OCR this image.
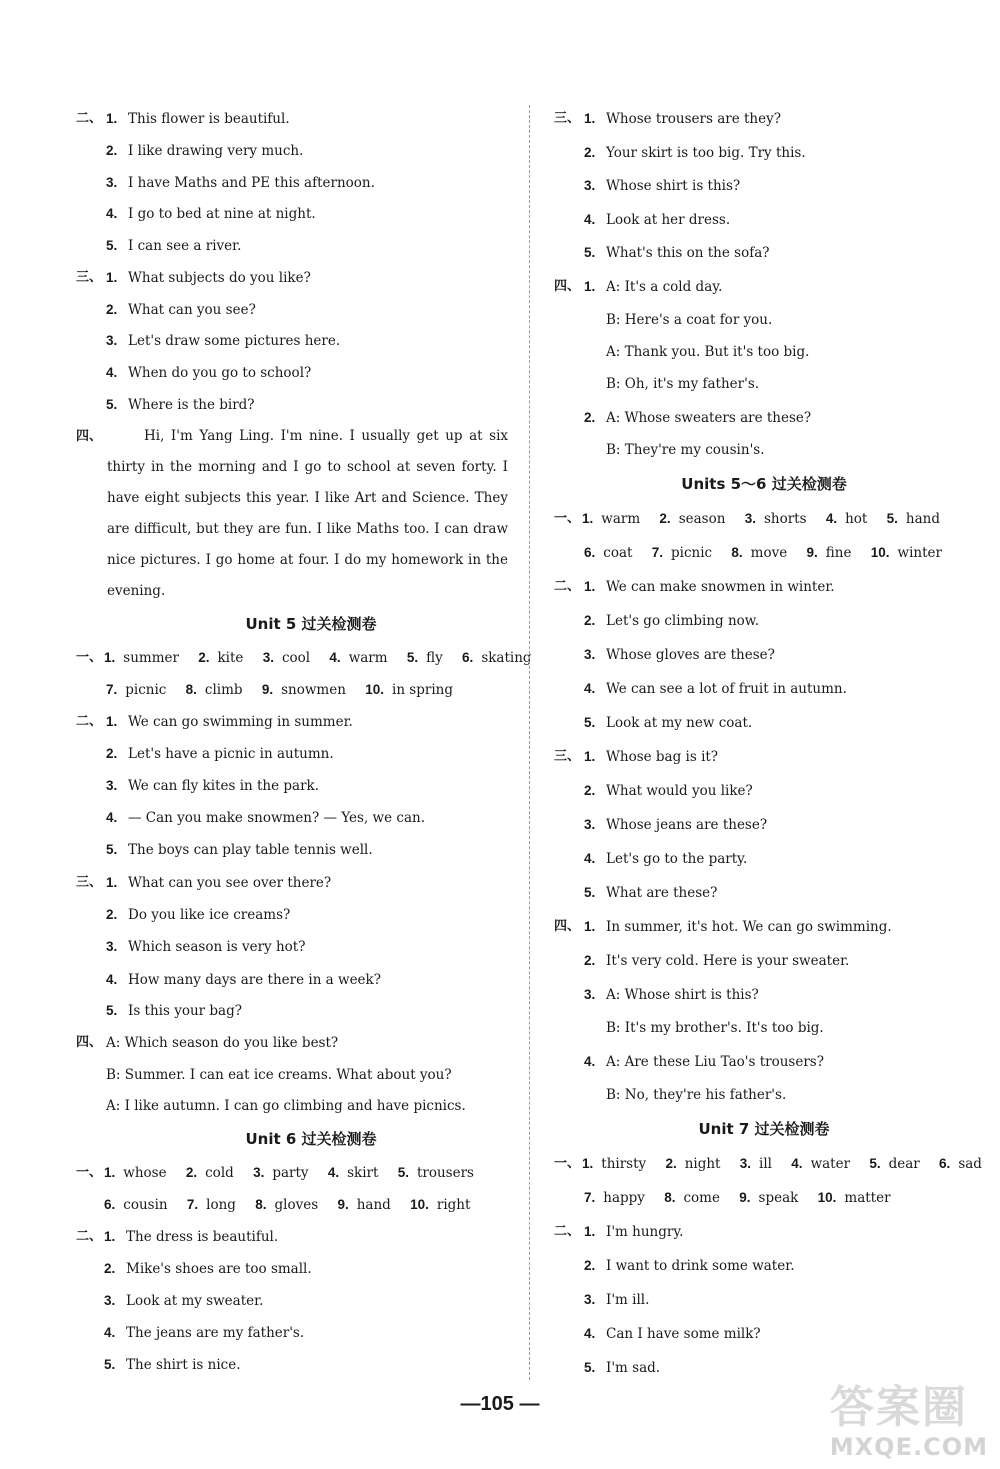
二、 1. This flower is beautiful.
2. I like drawing very much.
3. I have Maths and PE this afternoon.
4. I go to bed at nine at night.
5. I can see a river.
三、 1. What subjects do you like?
2. What can you see?
3. Let's draw some pictures here.
4. When do you go to school?
5. Where is the bird?
四、	Hi, I'm Yang Ling. I'm nine. I usually get up at six thirty in the morning and I go to school at seven forty. I have eight subjects this year. I like Art and Science. They are difficult, but they are fun. I like Maths too. I can draw nice pictures. I go home at four. I do my homework in the evening.
Unit 5 过关检测卷
一、 1. summer 2. kite 3. cool 4. warm 5. fly 6. skating
7. picnic 8. climb 9. snowmen 10. in spring
二、 1. We can go swimming in summer.
2. Let's have a picnic in autumn.
3. We can fly kites in the park.
4. — Can you make snowmen? — Yes, we can.
5. The boys can play table tennis well.
三、 1. What can you see over there?
2. Do you like ice creams?
3. Which season is very hot?
4. How many days are there in a week?
5. Is this your bag?
四、 A: Which season do you like best?
B: Summer. I can eat ice creams. What about you?
A: I like autumn. I can go climbing and have picnics.
Unit 6 过关检测卷
一、 1. whose 2. cold 3. party 4. skirt 5. trousers
6. cousin 7. long 8. gloves 9. hand 10. right
二、 1. The dress is beautiful.
2. Mike's shoes are too small.
3. Look at my sweater.
4. The jeans are my father's.
5. The shirt is nice.
三、 1. Whose trousers are they?
2. Your skirt is too big. Try this.
3. Whose shirt is this?
4. Look at her dress.
5. What's this on the sofa?
四、 1. A: It's a cold day.
B: Here's a coat for you.
A: Thank you. But it's too big.
B: Oh, it's my father's.
2. A: Whose sweaters are these?
B: They're my cousin's.
Units 5～6 过关检测卷
一、 1. warm 2. season 3. shorts 4. hot 5. hand
6. coat 7. picnic 8. move 9. fine 10. winter
二、 1. We can make snowmen in winter.
2. Let's go climbing now.
3. Whose gloves are these?
4. We can see a lot of fruit in autumn.
5. Look at my new coat.
三、 1. Whose bag is it?
2. What would you like?
3. Whose jeans are these?
4. Let's go to the party.
5. What are these?
四、 1. In summer, it's hot. We can go swimming.
2. It's very cold. Here is your sweater.
3. A: Whose shirt is this?
B: It's my brother's. It's too big.
4. A: Are these Liu Tao's trousers?
B: No, they're his father's.
Unit 7 过关检测卷
一、 1. thirsty 2. night 3. ill 4. water 5. dear 6. sad
7. happy 8. come 9. speak 10. matter
二、 1. I'm hungry.
2. I want to drink some water.
3. I'm ill.
4. Can I have some milk?
5. I'm sad.
—105 —	答案圈
MXQE.COM
